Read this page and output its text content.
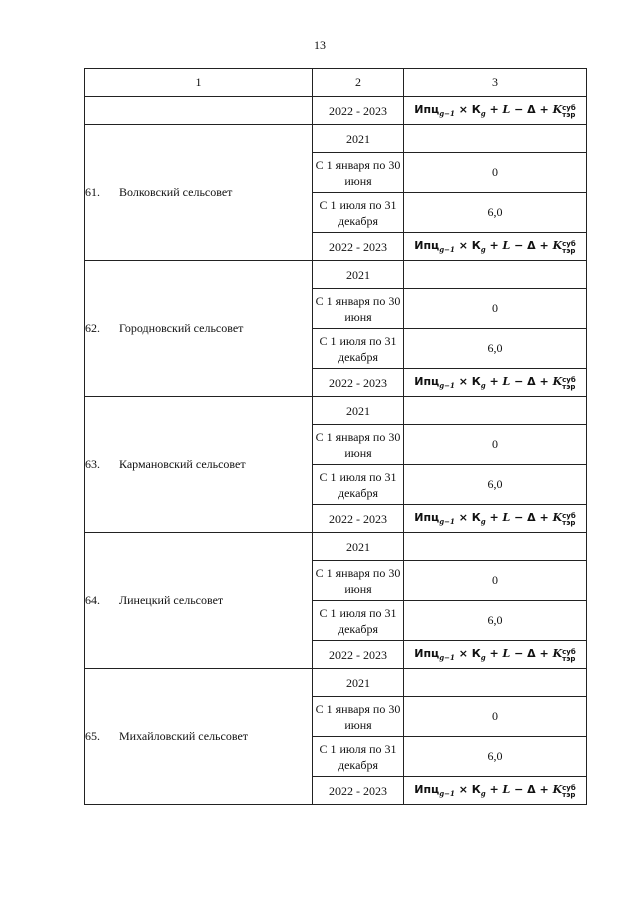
13
1	2	3
	2022 - 2023	$Ипц_{g-1} \times К_g + L - \Delta + K$ суб
тэр

61. Волковский сельсовет	2021	
	С 1 января по 30 июня	0
	С 1 июля по 31 декабря	6,0
	2022 - 2023	$Ипц_{g-1} \times К_g + L - \Delta + K$ суб
тэр

62. Городновский сельсовет	2021	
	С 1 января по 30 июня	0
	С 1 июля по 31 декабря	6,0
	2022 - 2023	$Ипц_{g-1} \times К_g + L - \Delta + K$ суб
тэр

63. Кармановский сельсовет	2021	
	С 1 января по 30 июня	0
	С 1 июля по 31 декабря	6,0
	2022 - 2023	$Ипц_{g-1} \times К_g + L - \Delta + K$ суб
тэр

64. Линецкий сельсовет	2021	
	С 1 января по 30 июня	0
	С 1 июля по 31 декабря	6,0
	2022 - 2023	$Ипц_{g-1} \times К_g + L - \Delta + K$ суб
тэр

65. Михайловский сельсовет	2021	
	С 1 января по 30 июня	0
	С 1 июля по 31 декабря	6,0
	2022 - 2023	$Ипц_{g-1} \times К_g + L - \Delta + K$ суб
тэр
